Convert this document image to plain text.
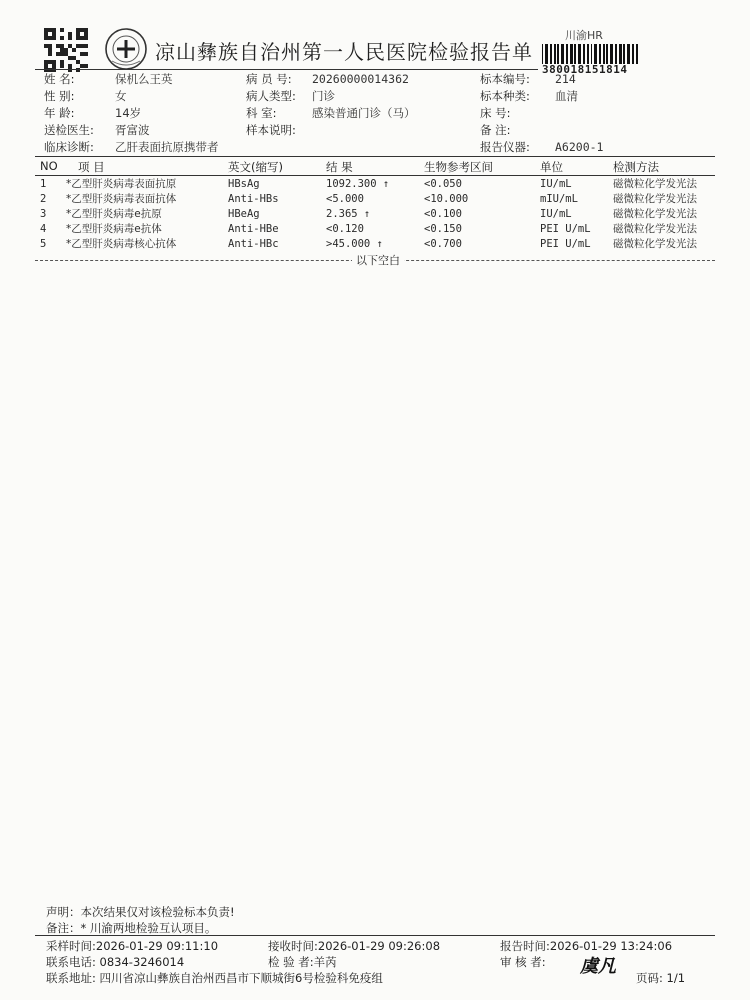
凉山彝族自治州第一人民医院检验报告单
川渝HR
380018151814
姓 名:	保机么王英	病 员 号: 20260000014362	标本编号: 214
性 别:	女	病人类型: 门诊	标本种类: 血清
年 龄:	14岁	科 室:	感染普通门诊（马）	床 号:
送检医生: 胥富波	样本说明:	备 注:
临床诊断: 乙肝表面抗原携带者	报告仪器: A6200-1
NO 项 目	英文(缩写)	结 果	生物参考区间	单位	检测方法
1 *乙型肝炎病毒表面抗原	HBsAg	1092.300 ↑	<0.050	IU/mL	磁微粒化学发光法
2 *乙型肝炎病毒表面抗体	Anti-HBs	<5.000	<10.000	mIU/mL	磁微粒化学发光法
3 *乙型肝炎病毒e抗原	HBeAg	2.365 ↑	<0.100	IU/mL	磁微粒化学发光法
4 *乙型肝炎病毒e抗体	Anti-HBe	<0.120	<0.150	PEI U/mL 磁微粒化学发光法
5 *乙型肝炎病毒核心抗体	Anti-HBc	>45.000 ↑	<0.700	PEI U/mL 磁微粒化学发光法
以下空白
声明：本次结果仅对该检验标本负责!
备注：* 川渝两地检验互认项目。
采样时间:2026-01-29 09:11:10	接收时间:2026-01-29 09:26:08	报告时间:2026-01-29 13:24:06
联系电话: 0834-3246014	检 验 者:羊芮	审 核 者: 虞凡
联系地址: 四川省凉山彝族自治州西昌市下顺城街6号检验科免疫组	页码: 1/1
